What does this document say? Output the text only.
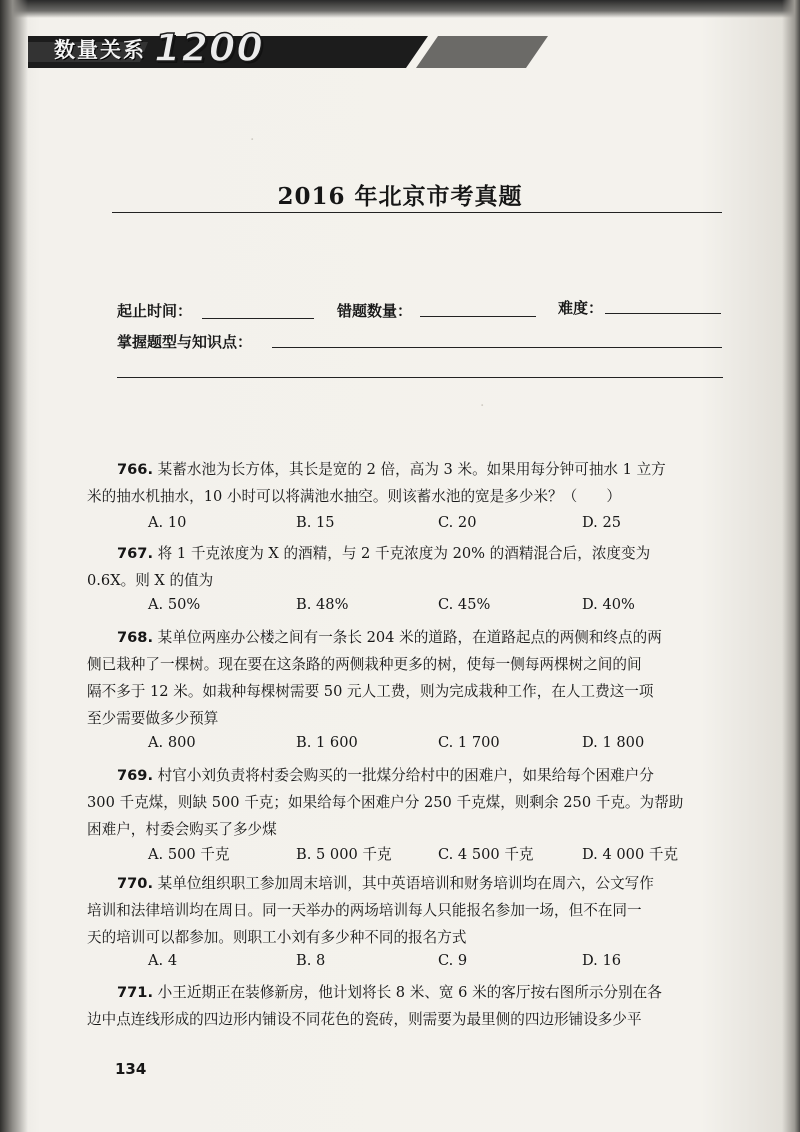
·
·
数量关系 1200
2016 年北京市考真题
起止时间：	错题数量：	难度：
掌握题型与知识点：
766. 某蓄水池为长方体，其长是宽的 2 倍，高为 3 米。如果用每分钟可抽水 1 立方
米的抽水机抽水，10 小时可以将满池水抽空。则该蓄水池的宽是多少米？（　　）
A. 10	B. 15	C. 20	D. 25
767. 将 1 千克浓度为 X 的酒精，与 2 千克浓度为 20% 的酒精混合后，浓度变为
0.6X。则 X 的值为
A. 50%	B. 48%	C. 45%	D. 40%
768. 某单位两座办公楼之间有一条长 204 米的道路，在道路起点的两侧和终点的两
侧已栽种了一棵树。现在要在这条路的两侧栽种更多的树，使每一侧每两棵树之间的间
隔不多于 12 米。如栽种每棵树需要 50 元人工费，则为完成栽种工作，在人工费这一项
至少需要做多少预算
A. 800	B. 1 600	C. 1 700	D. 1 800
769. 村官小刘负责将村委会购买的一批煤分给村中的困难户，如果给每个困难户分
300 千克煤，则缺 500 千克；如果给每个困难户分 250 千克煤，则剩余 250 千克。为帮助
困难户，村委会购买了多少煤
A. 500 千克	B. 5 000 千克	C. 4 500 千克	D. 4 000 千克
770. 某单位组织职工参加周末培训，其中英语培训和财务培训均在周六，公文写作
培训和法律培训均在周日。同一天举办的两场培训每人只能报名参加一场，但不在同一
天的培训可以都参加。则职工小刘有多少种不同的报名方式
A. 4	B. 8	C. 9	D. 16
771. 小王近期正在装修新房，他计划将长 8 米、宽 6 米的客厅按右图所示分别在各
边中点连线形成的四边形内铺设不同花色的瓷砖，则需要为最里侧的四边形铺设多少平
134
